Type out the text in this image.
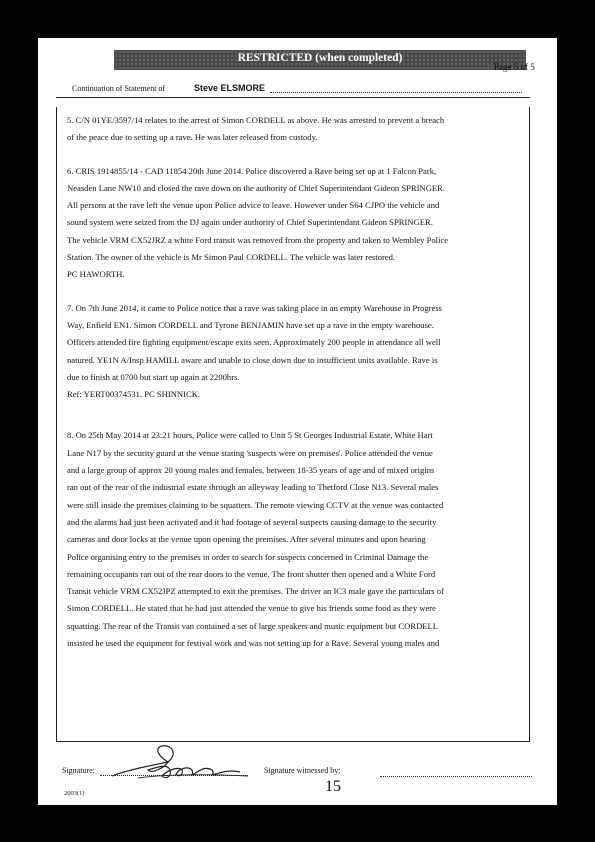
RESTRICTED (when completed)
Page 5 of 5
Continuation of Statement of	Steve ELSMORE
5. C/N 01YE/3597/14 relates to the arrest of Simon CORDELL as above. He was arrested to prevent a breach
of the peace due to setting up a rave. He was later released from custody.
6. CRIS 1914855/14 - CAD 11854 20th June 2014. Police discovered a Rave being set up at 1 Falcon Park,
Neasden Lane NW10 and closed the rave down on the authority of Chief Superintendant Gideon SPRINGER.
All persons at the rave left the venue upon Police advice to leave. However under S64 CJPO the vehicle and
sound system were seized from the DJ again under authority of Chief Superintendant Gideon SPRINGER.
The vehicle VRM CX52JRZ a white Ford transit was removed from the property and taken to Wembley Police
Station. The owner of the vehicle is Mr Simon Paul CORDELL. The vehicle was later restored.
PC HAWORTH.
7. On 7th June 2014, it came to Police notice that a rave was taking place in an empty Warehouse in Progress
Way, Enfield EN1. Simon CORDELL and Tyrone BENJAMIN have set up a rave in the empty warehouse.
Officers attended fire fighting equipment/escape exits seen. Approximately 200 people in attendance all well
natured. YE1N A/Insp HAMILL aware and unable to close down due to insufficient units available. Rave is
due to finish at 0700 but start up again at 2200hrs.
Ref: YERT00374531. PC SHINNICK.
8. On 25th May 2014 at 23:21 hours, Police were called to Unit 5 St Georges Industrial Estate, White Hart
Lane N17 by the security guard at the venue stating 'suspects were on premises'. Police attended the venue
and a large group of approx 20 young males and females, between 18-35 years of age and of mixed origins
ran out of the rear of the industrial estate through an alleyway leading to Thetford Close N13. Several males
were still inside the premises claiming to be squatters. The remote viewing CCTV at the venue was contacted
and the alarms had just been activated and it had footage of several suspects causing damage to the security
cameras and door locks at the venue upon opening the premises. After several minutes and upon hearing
Police organising entry to the premises in order to search for suspects concerned in Criminal Damage the
remaining occupants ran out of the rear doors to the venue. The front shutter then opened and a White Ford
Transit vehicle VRM CX52JPZ attempted to exit the premises. The driver an IC3 male gave the particulars of
Simon CORDELL. He stated that he had just attended the venue to give his friends some food as they were
squatting. The rear of the Transit van contained a set of large speakers and music equipment but CORDELL
insisted he used the equipment for festival work and was not setting up for a Rave. Several young males and
Signature:	Signature witnessed by:
15
2003(1)
